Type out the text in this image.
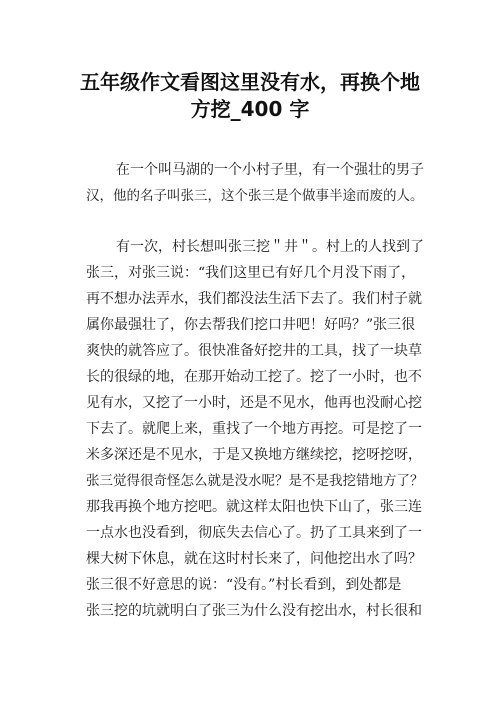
五年级作文看图这里没有水，再换个地
方挖_400 字
在一个叫马湖的一个小村子里，有一个强壮的男子
汉，他的名子叫张三，这个张三是个做事半途而废的人。
有一次，村长想叫张三挖＂井＂。村上的人找到了
张三，对张三说：“我们这里已有好几个月没下雨了，
再不想办法弄水，我们都没法生活下去了。我们村子就
属你最强壮了，你去帮我们挖口井吧！好吗？”张三很
爽快的就答应了。很快准备好挖井的工具，找了一块草
长的很绿的地，在那开始动工挖了。挖了一小时，也不
见有水，又挖了一小时，还是不见水，他再也没耐心挖
下去了。就爬上来，重找了一个地方再挖。可是挖了一
米多深还是不见水，于是又换地方继续挖，挖呀挖呀，
张三觉得很奇怪怎么就是没水呢？是不是我挖错地方了？
那我再换个地方挖吧。就这样太阳也快下山了，张三连
一点水也没看到，彻底失去信心了。扔了工具来到了一
棵大树下休息，就在这时村长来了，问他挖出水了吗？
张三很不好意思的说：“没有。”村长看到，到处都是
张三挖的坑就明白了张三为什么没有挖出水，村长很和
